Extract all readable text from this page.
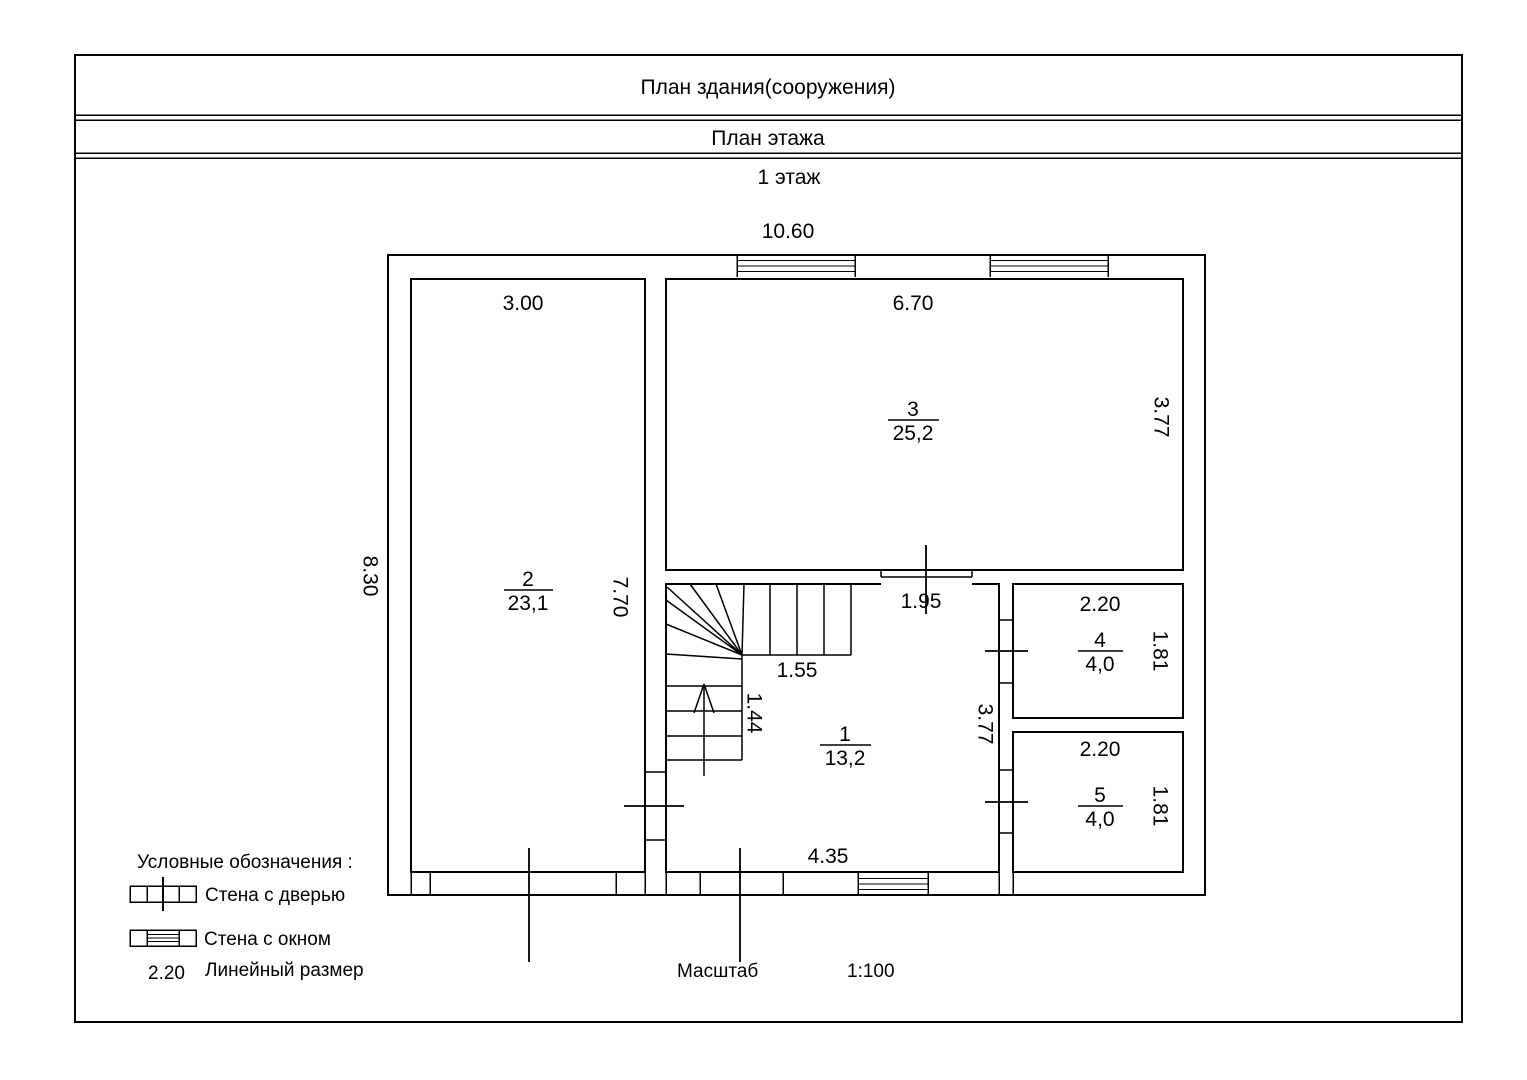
План здания(сооружения)
План этажа
1 этаж
10.60
8.30
3.00
7.70
2
23,1
6.70
3.77
3
25,2
1.95
4.35
3.77
1
13,2
1.55
1.44
2.20
1.81
4
4,0
2.20
1.81
5
4,0
Условные обозначения :
Стена с дверью
Стена с окном
2.20 Линейный размер	Масштаб	1:100
